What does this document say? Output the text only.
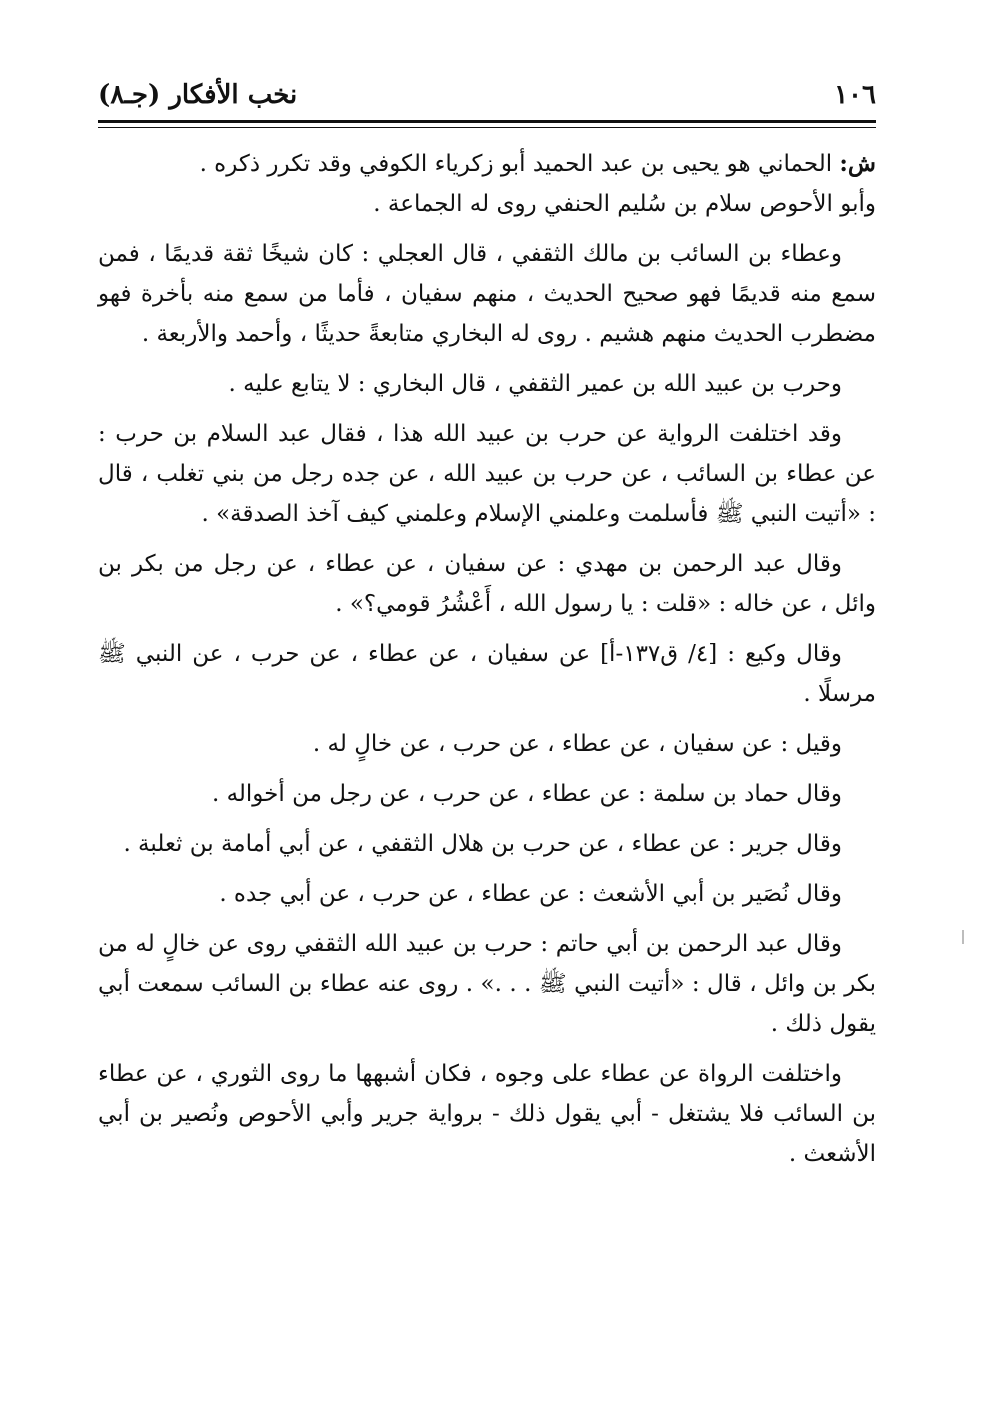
١٠٦
نخب الأفكار (جـ٨)

ش: الحماني هو يحيى بن عبد الحميد أبو زكرياء الكوفي وقد تكرر ذكره .

وأبو الأحوص سلام بن سُليم الحنفي روى له الجماعة .

وعطاء بن السائب بن مالك الثقفي ، قال العجلي : كان شيخًا ثقة قديمًا ، فمن سمع منه قديمًا فهو صحيح الحديث ، منهم سفيان ، فأما من سمع منه بأخرة فهو مضطرب الحديث منهم هشيم . روى له البخاري متابعةً حديثًا ، وأحمد والأربعة .

وحرب بن عبيد الله بن عمير الثقفي ، قال البخاري : لا يتابع عليه .

وقد اختلفت الرواية عن حرب بن عبيد الله هذا ، فقال عبد السلام بن حرب : عن عطاء بن السائب ، عن حرب بن عبيد الله ، عن جده رجل من بني تغلب ، قال : «أتيت النبي ﷺ فأسلمت وعلمني الإسلام وعلمني كيف آخذ الصدقة» .

وقال عبد الرحمن بن مهدي : عن سفيان ، عن عطاء ، عن رجل من بكر بن وائل ، عن خاله : «قلت : يا رسول الله ، أَعْشُرُ قومي؟» .

وقال وكيع : [٤/ ق١٣٧-أ] عن سفيان ، عن عطاء ، عن حرب ، عن النبي ﷺ مرسلًا .

وقيل : عن سفيان ، عن عطاء ، عن حرب ، عن خالٍ له .

وقال حماد بن سلمة : عن عطاء ، عن حرب ، عن رجل من أخواله .

وقال جرير : عن عطاء ، عن حرب بن هلال الثقفي ، عن أبي أمامة بن ثعلبة .

وقال نُصَير بن أبي الأشعث : عن عطاء ، عن حرب ، عن أبي جده .

وقال عبد الرحمن بن أبي حاتم : حرب بن عبيد الله الثقفي روى عن خالٍ له من بكر بن وائل ، قال : «أتيت النبي ﷺ . . .» . روى عنه عطاء بن السائب سمعت أبي يقول ذلك .

واختلفت الرواة عن عطاء على وجوه ، فكان أشبهها ما روى الثوري ، عن عطاء بن السائب فلا يشتغل - أبي يقول ذلك - برواية جرير وأبي الأحوص ونُصير بن أبي الأشعث .
